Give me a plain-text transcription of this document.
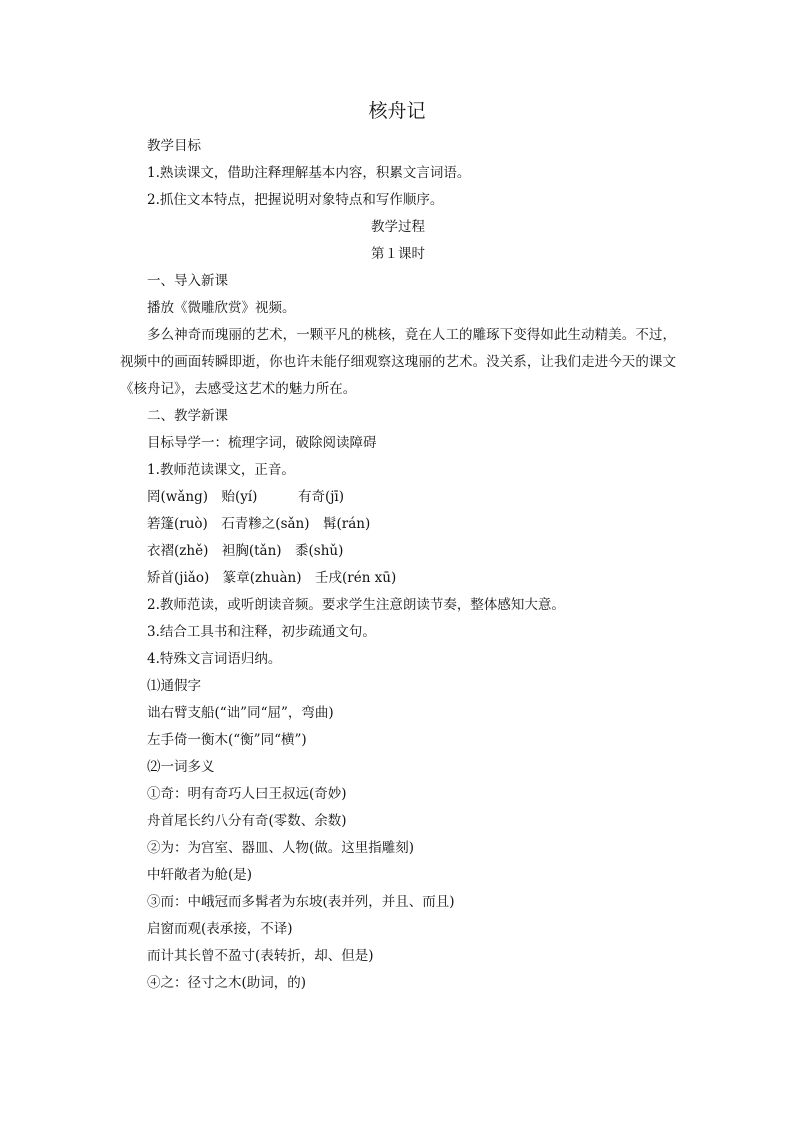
核舟记
教学目标
1.熟读课文，借助注释理解基本内容，积累文言词语。
2.抓住文本特点，把握说明对象特点和写作顺序。
教学过程
第１课时
一、导入新课
播放《微雕欣赏》视频。

多么神奇而瑰丽的艺术，一颗平凡的桃核，竟在人工的雕琢下变得如此生动精美。不过，视频中的画面转瞬即逝，你也许未能仔细观察这瑰丽的艺术。没关系，让我们走进今天的课文《核舟记》，去感受这艺术的魅力所在。

二、教学新课
目标导学一：梳理字词，破除阅读障碍
1.教师范读课文，正音。
罔(wǎng)　贻(yí)　　　有奇(jī)
箬篷(ruò)　石青糁之(sǎn)　髯(rán)
衣褶(zhě)　袒胸(tǎn)　黍(shǔ)
矫首(jiǎo)　篆章(zhuàn)　壬戌(rén xū)
2.教师范读，或听朗读音频。要求学生注意朗读节奏，整体感知大意。
3.结合工具书和注释，初步疏通文句。
4.特殊文言词语归纳。
⑴通假字
诎右臂支船(“诎”同“屈”，弯曲)
左手倚一衡木(“衡”同“横”)
⑵一词多义
①奇：明有奇巧人曰王叔远(奇妙)
舟首尾长约八分有奇(零数、余数)
②为：为宫室、器皿、人物(做。这里指雕刻)
中轩敞者为舱(是)
③而：中峨冠而多髯者为东坡(表并列，并且、而且)
启窗而观(表承接，不译)
而计其长曾不盈寸(表转折，却、但是)
④之：径寸之木(助词，的)
